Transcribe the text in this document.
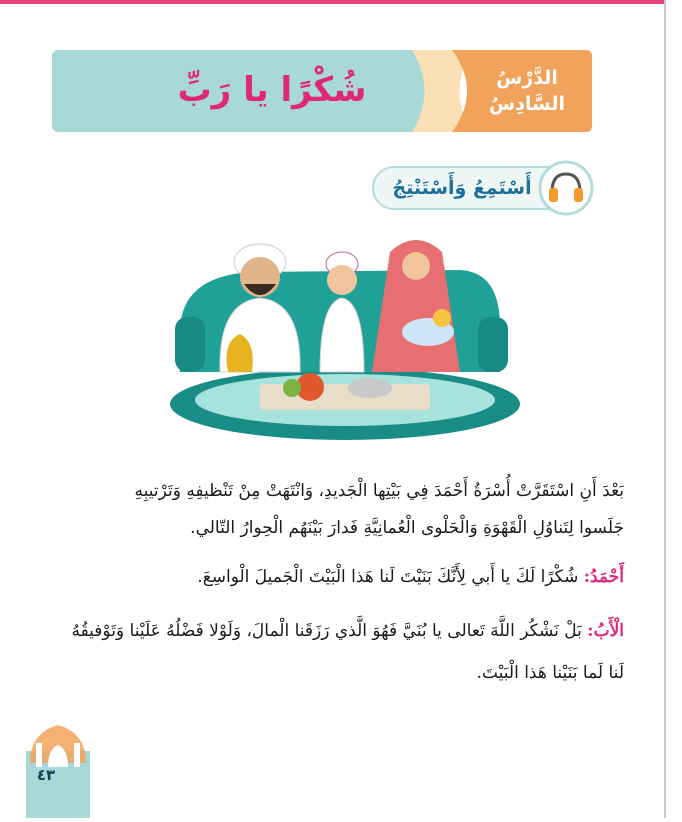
الدَّرْسُ
السَّادِسُ
شُكْرًا يا رَبِّ
أَسْتَمِعُ وَأَسْتَنْتِجُ
بَعْدَ أَنِ اسْتَقَرَّتْ أُسْرَةُ أَحْمَدَ فِي بَيْتِها الْجَديدِ، وَانْتَهَتْ مِنْ تَنْظيفِهِ وَتَرْتيبِهِ
جَلَسوا لِتَناوُلِ الْقَهْوَةِ وَالْحَلْوى الْعُمانِيَّةِ فَدارَ بَيْنَهُم الْحِوارُ التّالي.
أَحْمَدُ: شُكْرًا لَكَ يا أَبي لِأَنَّكَ بَنَيْتَ لَنا هَذا الْبَيْتَ الْجَميلَ الْواسِعَ.
الْأَبُ: بَلْ نَشْكُر اللَّهَ تَعالى يا بُنَيَّ فَهُوَ الَّذي رَزَقَنا الْمالَ، وَلَوْلا فَضْلُهُ عَلَيْنا وَتَوْفيقُهُ
لَنا لَما بَنَيْنا هَذا الْبَيْتَ.
٤٣
